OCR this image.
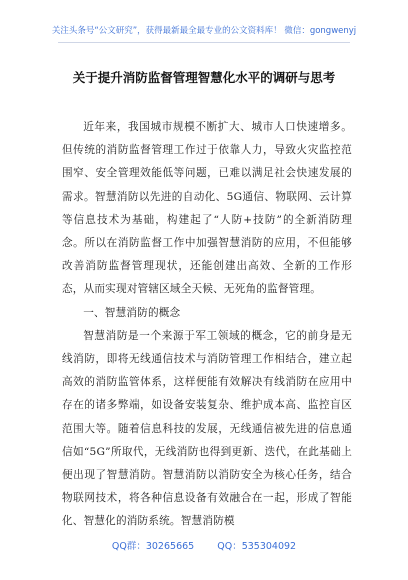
关注头条号“公文研究”，获得最新最全最专业的公文资料库！ 微信：gongwenyj
关于提升消防监督管理智慧化水平的调研与思考

近年来，我国城市规模不断扩大、城市人口快速增多。但传统的消防监督管理工作过于依靠人力，导致火灾监控范围窄、安全管理效能低等问题，已难以满足社会快速发展的需求。智慧消防以先进的自动化、5G通信、物联网、云计算等信息技术为基础，构建起了“人防+技防”的全新消防理念。所以在消防监督工作中加强智慧消防的应用，不但能够改善消防监督管理现状，还能创建出高效、全新的工作形态，从而实现对管辖区域全天候、无死角的监督管理。

一、智慧消防的概念

智慧消防是一个来源于军工领域的概念，它的前身是无线消防，即将无线通信技术与消防管理工作相结合，建立起高效的消防监管体系，这样便能有效解决有线消防在应用中存在的诸多弊端，如设备安装复杂、维护成本高、监控盲区范围大等。随着信息科技的发展，无线通信被先进的信息通信如“5G”所取代，无线消防也得到更新、迭代，在此基础上便出现了智慧消防。智慧消防以消防安全为核心任务，结合物联网技术，将各种信息设备有效融合在一起，形成了智能化、智慧化的消防系统。智慧消防模

QQ群：30265665 QQ：535304092
